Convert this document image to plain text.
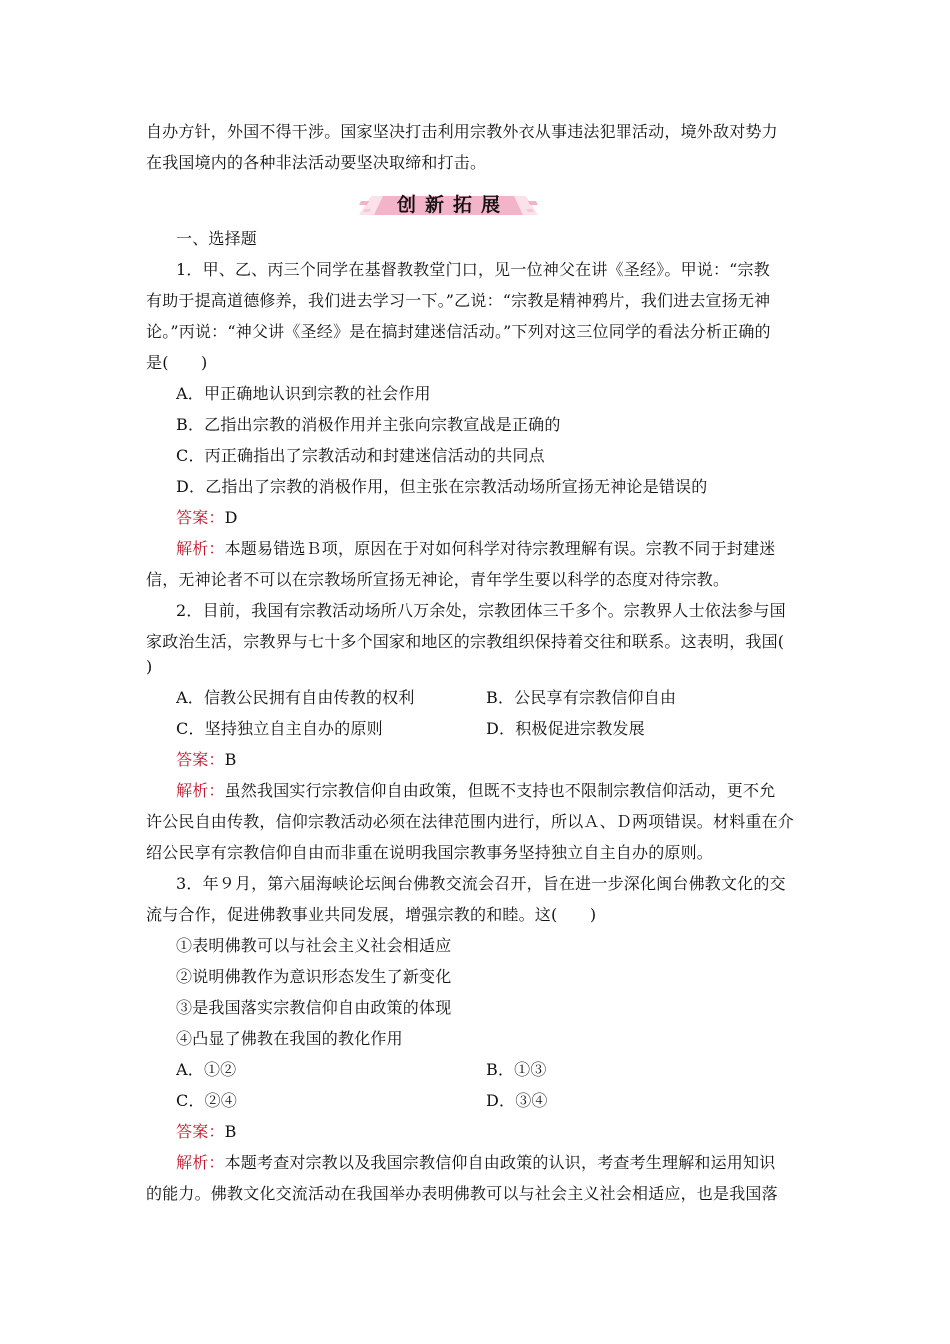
自办方针，外国不得干涉。国家坚决打击利用宗教外衣从事违法犯罪活动，境外敌对势力
在我国境内的各种非法活动要坚决取缔和打击。
创新拓展
一、选择题
1．甲、乙、丙三个同学在基督教教堂门口，见一位神父在讲《圣经》。甲说：“宗教
有助于提高道德修养，我们进去学习一下。”乙说：“宗教是精神鸦片，我们进去宣扬无神
论。”丙说：“神父讲《圣经》是在搞封建迷信活动。”下列对这三位同学的看法分析正确的
是(　　)
A．甲正确地认识到宗教的社会作用
B．乙指出宗教的消极作用并主张向宗教宣战是正确的
C．丙正确指出了宗教活动和封建迷信活动的共同点
D．乙指出了宗教的消极作用，但主张在宗教活动场所宣扬无神论是错误的
答案：D
解析：本题易错选Ｂ项，原因在于对如何科学对待宗教理解有误。宗教不同于封建迷
信，无神论者不可以在宗教场所宣扬无神论，青年学生要以科学的态度对待宗教。
2．目前，我国有宗教活动场所八万余处，宗教团体三千多个。宗教界人士依法参与国
家政治生活，宗教界与七十多个国家和地区的宗教组织保持着交往和联系。这表明，我国(
)
A．信教公民拥有自由传教的权利	B．公民享有宗教信仰自由
C．坚持独立自主自办的原则	D．积极促进宗教发展
答案：B
解析：虽然我国实行宗教信仰自由政策，但既不支持也不限制宗教信仰活动，更不允
许公民自由传教，信仰宗教活动必须在法律范围内进行，所以Ａ、Ｄ两项错误。材料重在介
绍公民享有宗教信仰自由而非重在说明我国宗教事务坚持独立自主自办的原则。
3．年９月，第六届海峡论坛闽台佛教交流会召开，旨在进一步深化闽台佛教文化的交
流与合作，促进佛教事业共同发展，增强宗教的和睦。这(　　)
①表明佛教可以与社会主义社会相适应
②说明佛教作为意识形态发生了新变化
③是我国落实宗教信仰自由政策的体现
④凸显了佛教在我国的教化作用
A．①②	B．①③
C．②④	D．③④
答案：B
解析：本题考查对宗教以及我国宗教信仰自由政策的认识，考查考生理解和运用知识
的能力。佛教文化交流活动在我国举办表明佛教可以与社会主义社会相适应，也是我国落
